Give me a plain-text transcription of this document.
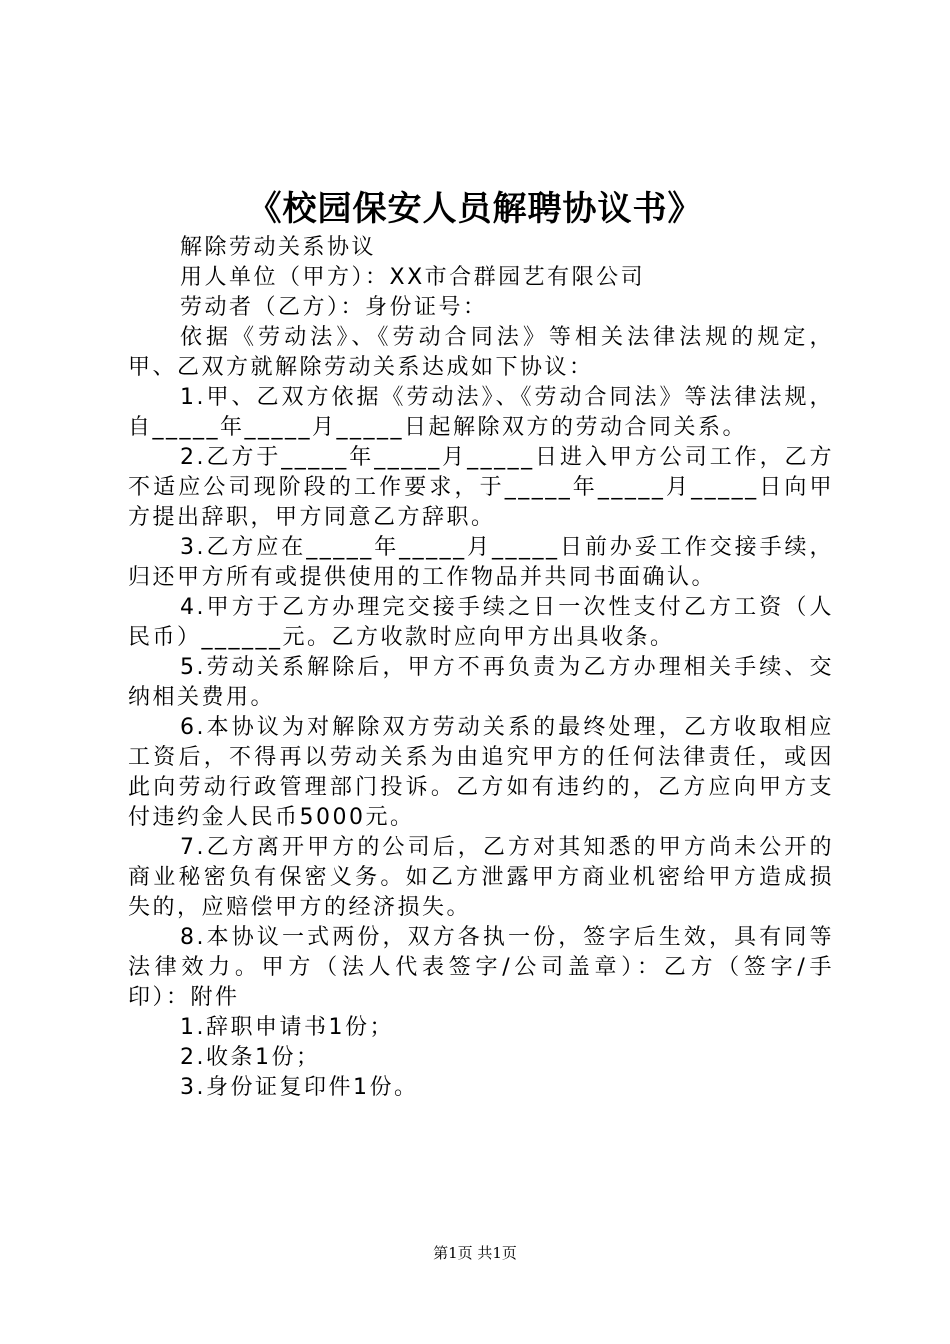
《校园保安人员解聘协议书》

解除劳动关系协议

用人单位（甲方）：XX市合群园艺有限公司

劳动者（乙方）：身份证号：

依据《劳动法》、《劳动合同法》等相关法律法规的规定，甲、乙双方就解除劳动关系达成如下协议：

1.甲、乙双方依据《劳动法》、《劳动合同法》等法律法规，自_____年_____月_____日起解除双方的劳动合同关系。

2.乙方于_____年_____月_____日进入甲方公司工作，乙方不适应公司现阶段的工作要求，于_____年_____月_____日向甲方提出辞职，甲方同意乙方辞职。

3.乙方应在_____年_____月_____日前办妥工作交接手续，归还甲方所有或提供使用的工作物品并共同书面确认。

4.甲方于乙方办理完交接手续之日一次性支付乙方工资（人民币）______元。乙方收款时应向甲方出具收条。

5.劳动关系解除后，甲方不再负责为乙方办理相关手续、交纳相关费用。

6.本协议为对解除双方劳动关系的最终处理，乙方收取相应工资后，不得再以劳动关系为由追究甲方的任何法律责任，或因此向劳动行政管理部门投诉。乙方如有违约的，乙方应向甲方支付违约金人民币5000元。

7.乙方离开甲方的公司后，乙方对其知悉的甲方尚未公开的商业秘密负有保密义务。如乙方泄露甲方商业机密给甲方造成损失的，应赔偿甲方的经济损失。

8.本协议一式两份，双方各执一份，签字后生效，具有同等法律效力。甲方（法人代表签字/公司盖章）：乙方（签字/手印）：附件

1.辞职申请书1份；

2.收条1份；

3.身份证复印件1份。

第1页 共1页
